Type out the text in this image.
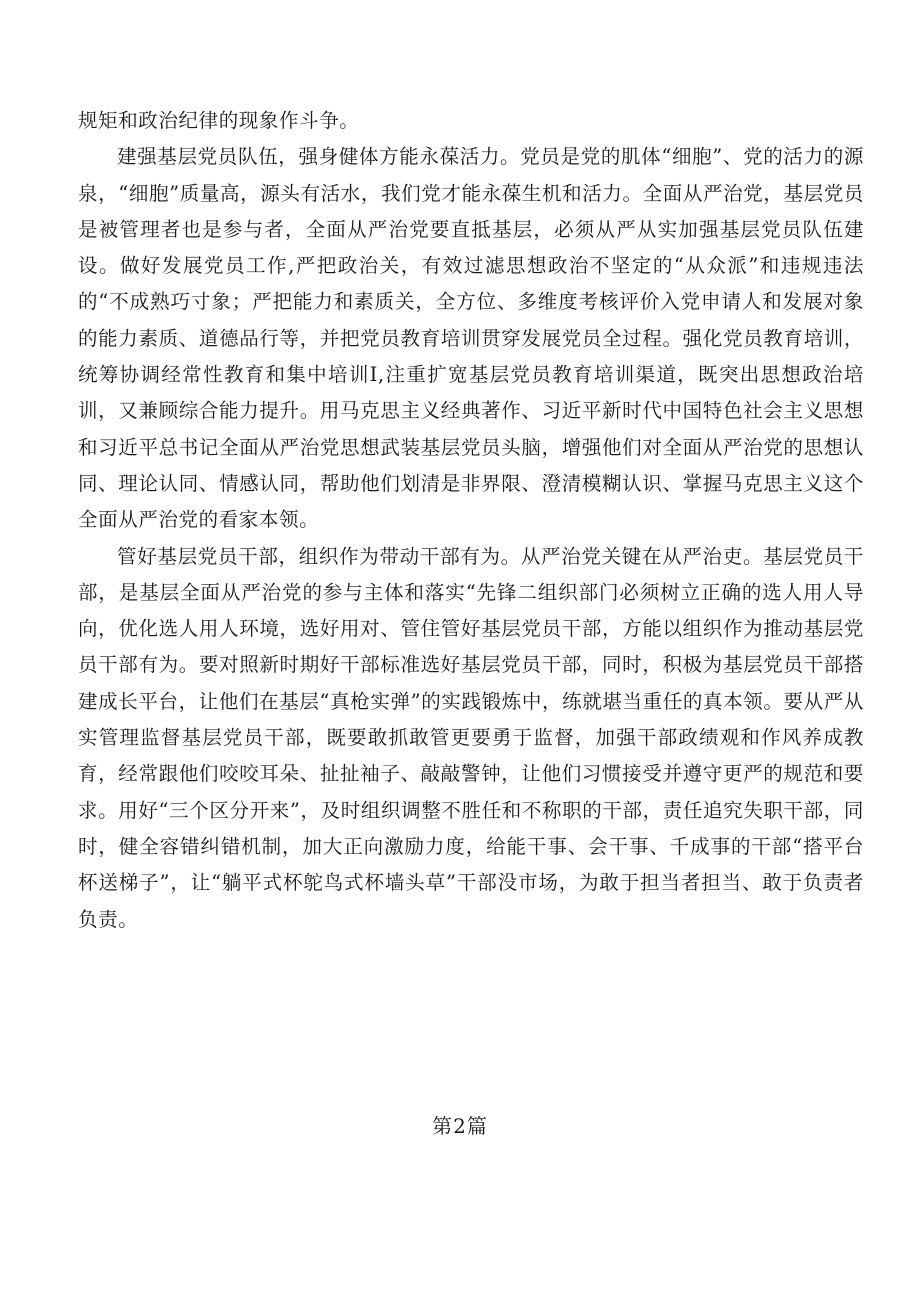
规矩和政治纪律的现象作斗争。

建强基层党员队伍，强身健体方能永葆活力。党员是党的肌体“细胞”、党的活力的源泉，“细胞”质量高，源头有活水，我们党才能永葆生机和活力。全面从严治党，基层党员是被管理者也是参与者，全面从严治党要直抵基层，必须从严从实加强基层党员队伍建设。做好发展党员工作,严把政治关，有效过滤思想政治不坚定的“从众派”和违规违法的“不成熟巧寸象；严把能力和素质关，全方位、多维度考核评价入党申请人和发展对象的能力素质、道德品行等，并把党员教育培训贯穿发展党员全过程。强化党员教育培训，统筹协调经常性教育和集中培训I,注重扩宽基层党员教育培训渠道，既突出思想政治培训，又兼顾综合能力提升。用马克思主义经典著作、习近平新时代中国特色社会主义思想和习近平总书记全面从严治党思想武装基层党员头脑，增强他们对全面从严治党的思想认同、理论认同、情感认同，帮助他们划清是非界限、澄清模糊认识、掌握马克思主义这个全面从严治党的看家本领。

管好基层党员干部，组织作为带动干部有为。从严治党关键在从严治吏。基层党员干部，是基层全面从严治党的参与主体和落实“先锋二组织部门必须树立正确的选人用人导向，优化选人用人环境，选好用对、管住管好基层党员干部，方能以组织作为推动基层党员干部有为。要对照新时期好干部标准选好基层党员干部，同时，积极为基层党员干部搭建成长平台，让他们在基层“真枪实弹”的实践锻炼中，练就堪当重任的真本领。要从严从实管理监督基层党员干部，既要敢抓敢管更要勇于监督，加强干部政绩观和作风养成教育，经常跟他们咬咬耳朵、扯扯袖子、敲敲警钟，让他们习惯接受并遵守更严的规范和要求。用好“三个区分开来”，及时组织调整不胜任和不称职的干部，责任追究失职干部，同时，健全容错纠错机制，加大正向激励力度，给能干事、会干事、千成事的干部“搭平台杯送梯子”，让“躺平式杯鸵鸟式杯墙头草”干部没市场，为敢于担当者担当、敢于负责者负责。

第2篇
